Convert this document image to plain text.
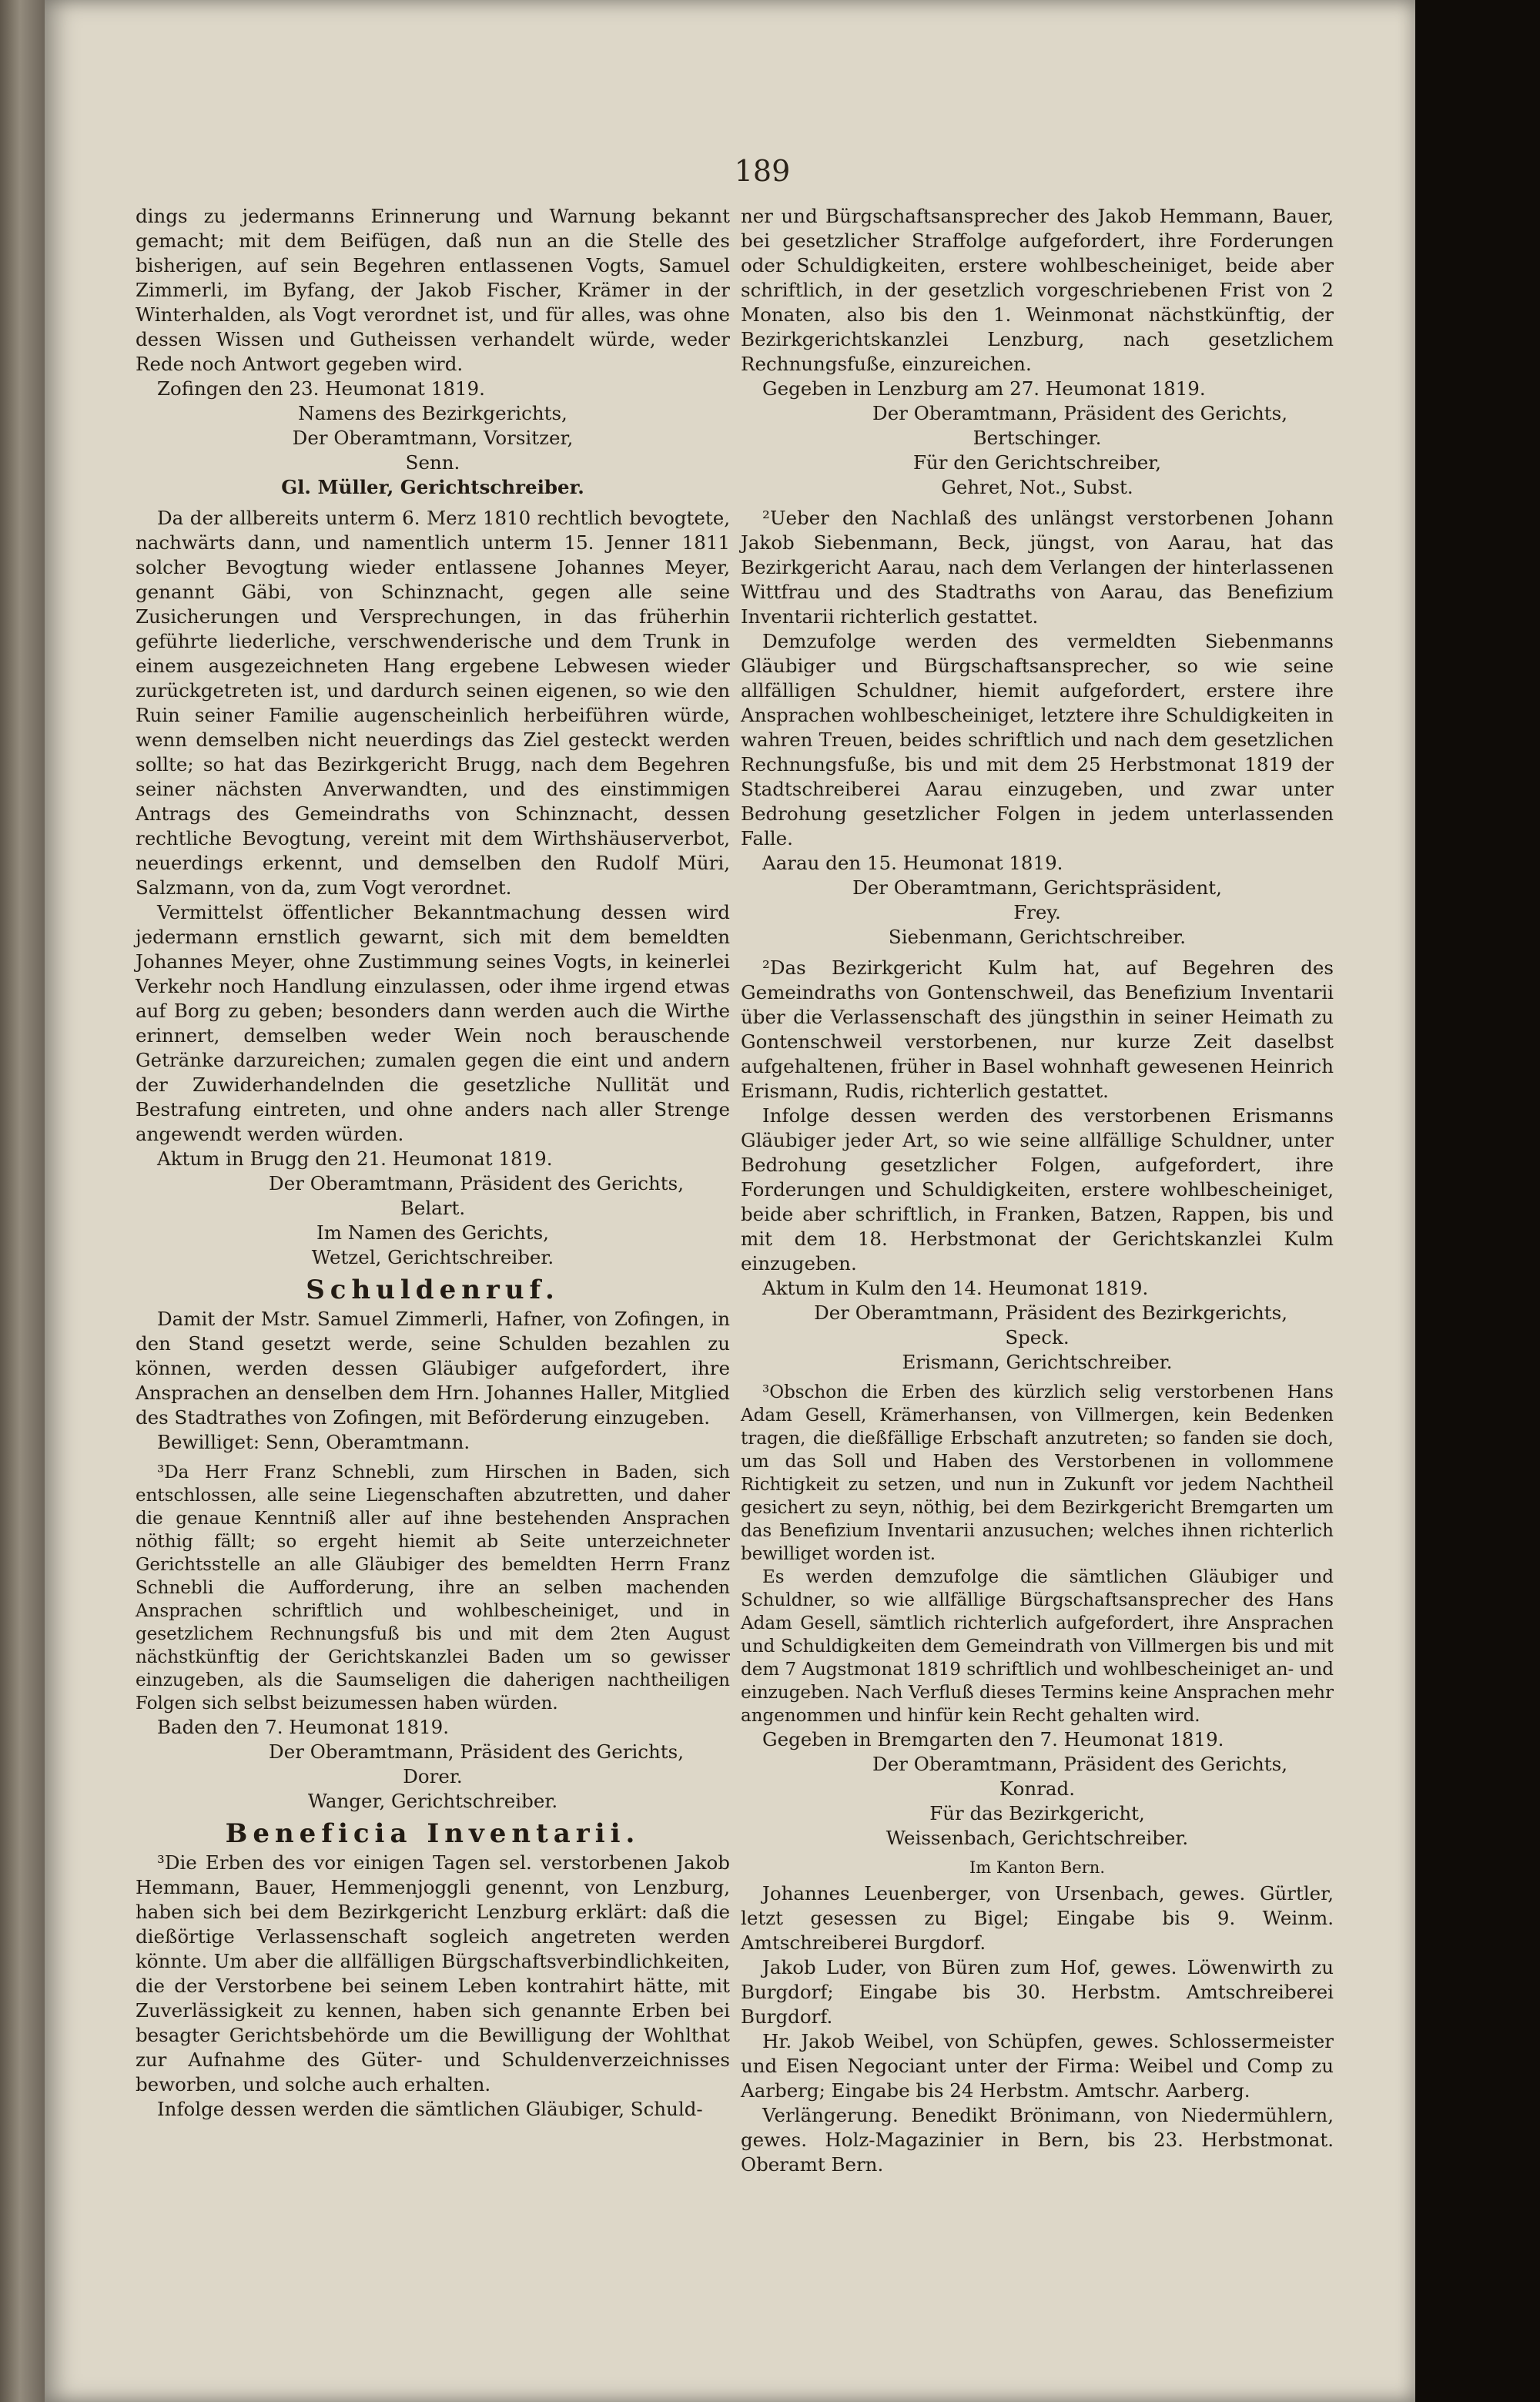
189

dings zu jedermanns Erinnerung und Warnung bekannt gemacht; mit dem Beifügen, daß nun an die Stelle des bisherigen, auf sein Begehren entlassenen Vogts, Samuel Zimmerli, im Byfang, der Jakob Fischer, Krämer in der Winterhalden, als Vogt verordnet ist, und für alles, was ohne dessen Wissen und Gutheissen verhandelt würde, weder Rede noch Antwort gegeben wird.

Zofingen den 23. Heumonat 1819.

Namens des Bezirkgerichts,

Der Oberamtmann, Vorsitzer,

Senn.

Gl. Müller, Gerichtschreiber.

Da der allbereits unterm 6. Merz 1810 rechtlich bevogtete, nachwärts dann, und namentlich unterm 15. Jenner 1811 solcher Bevogtung wieder entlassene Johannes Meyer, genannt Gäbi, von Schinznacht, gegen alle seine Zusicherungen und Versprechungen, in das früherhin geführte liederliche, verschwenderische und dem Trunk in einem ausgezeichneten Hang ergebene Lebwesen wieder zurückgetreten ist, und dardurch seinen eigenen, so wie den Ruin seiner Familie augenscheinlich herbeiführen würde, wenn demselben nicht neuerdings das Ziel gesteckt werden sollte; so hat das Bezirkgericht Brugg, nach dem Begehren seiner nächsten Anverwandten, und des einstimmigen Antrags des Gemeindraths von Schinznacht, dessen rechtliche Bevogtung, vereint mit dem Wirthshäuserverbot, neuerdings erkennt, und demselben den Rudolf Müri, Salzmann, von da, zum Vogt verordnet.

Vermittelst öffentlicher Bekanntmachung dessen wird jedermann ernstlich gewarnt, sich mit dem bemeldten Johannes Meyer, ohne Zustimmung seines Vogts, in keinerlei Verkehr noch Handlung einzulassen, oder ihme irgend etwas auf Borg zu geben; besonders dann werden auch die Wirthe erinnert, demselben weder Wein noch berauschende Getränke darzureichen; zumalen gegen die eint und andern der Zuwiderhandelnden die gesetzliche Nullität und Bestrafung eintreten, und ohne anders nach aller Strenge angewendt werden würden.

Aktum in Brugg den 21. Heumonat 1819.

Der Oberamtmann, Präsident des Gerichts,

Belart.

Im Namen des Gerichts,

Wetzel, Gerichtschreiber.

Schuldenruf.

Damit der Mstr. Samuel Zimmerli, Hafner, von Zofingen, in den Stand gesetzt werde, seine Schulden bezahlen zu können, werden dessen Gläubiger aufgefordert, ihre Ansprachen an denselben dem Hrn. Johannes Haller, Mitglied des Stadtrathes von Zofingen, mit Beförderung einzugeben.

Bewilliget: Senn, Oberamtmann.

³Da Herr Franz Schnebli, zum Hirschen in Baden, sich entschlossen, alle seine Liegenschaften abzutretten, und daher die genaue Kenntniß aller auf ihne bestehenden Ansprachen nöthig fällt; so ergeht hiemit ab Seite unterzeichneter Gerichtsstelle an alle Gläubiger des bemeldten Herrn Franz Schnebli die Aufforderung, ihre an selben machenden Ansprachen schriftlich und wohlbescheiniget, und in gesetzlichem Rechnungsfuß bis und mit dem 2ten August nächstkünftig der Gerichtskanzlei Baden um so gewisser einzugeben, als die Saumseligen die daherigen nachtheiligen Folgen sich selbst beizumessen haben würden.

Baden den 7. Heumonat 1819.

Der Oberamtmann, Präsident des Gerichts,

Dorer.

Wanger, Gerichtschreiber.

Beneficia Inventarii.

³Die Erben des vor einigen Tagen sel. verstorbenen Jakob Hemmann, Bauer, Hemmenjoggli genennt, von Lenzburg, haben sich bei dem Bezirkgericht Lenzburg erklärt: daß die dießörtige Verlassenschaft sogleich angetreten werden könnte. Um aber die allfälligen Bürgschaftsverbindlichkeiten, die der Verstorbene bei seinem Leben kontrahirt hätte, mit Zuverlässigkeit zu kennen, haben sich genannte Erben bei besagter Gerichtsbehörde um die Bewilligung der Wohlthat zur Aufnahme des Güter- und Schuldenverzeichnisses beworben, und solche auch erhalten.

Infolge dessen werden die sämtlichen Gläubiger, Schuld-

ner und Bürgschaftsansprecher des Jakob Hemmann, Bauer, bei gesetzlicher Straffolge aufgefordert, ihre Forderungen oder Schuldigkeiten, erstere wohlbescheiniget, beide aber schriftlich, in der gesetzlich vorgeschriebenen Frist von 2 Monaten, also bis den 1. Weinmonat nächstkünftig, der Bezirkgerichtskanzlei Lenzburg, nach gesetzlichem Rechnungsfuße, einzureichen.

Gegeben in Lenzburg am 27. Heumonat 1819.

Der Oberamtmann, Präsident des Gerichts,

Bertschinger.

Für den Gerichtschreiber,

Gehret, Not., Subst.

²Ueber den Nachlaß des unlängst verstorbenen Johann Jakob Siebenmann, Beck, jüngst, von Aarau, hat das Bezirkgericht Aarau, nach dem Verlangen der hinterlassenen Wittfrau und des Stadtraths von Aarau, das Benefizium Inventarii richterlich gestattet.

Demzufolge werden des vermeldten Siebenmanns Gläubiger und Bürgschaftsansprecher, so wie seine allfälligen Schuldner, hiemit aufgefordert, erstere ihre Ansprachen wohlbescheiniget, letztere ihre Schuldigkeiten in wahren Treuen, beides schriftlich und nach dem gesetzlichen Rechnungsfuße, bis und mit dem 25 Herbstmonat 1819 der Stadtschreiberei Aarau einzugeben, und zwar unter Bedrohung gesetzlicher Folgen in jedem unterlassenden Falle.

Aarau den 15. Heumonat 1819.

Der Oberamtmann, Gerichtspräsident,

Frey.

Siebenmann, Gerichtschreiber.

²Das Bezirkgericht Kulm hat, auf Begehren des Gemeindraths von Gontenschweil, das Benefizium Inventarii über die Verlassenschaft des jüngsthin in seiner Heimath zu Gontenschweil verstorbenen, nur kurze Zeit daselbst aufgehaltenen, früher in Basel wohnhaft gewesenen Heinrich Erismann, Rudis, richterlich gestattet.

Infolge dessen werden des verstorbenen Erismanns Gläubiger jeder Art, so wie seine allfällige Schuldner, unter Bedrohung gesetzlicher Folgen, aufgefordert, ihre Forderungen und Schuldigkeiten, erstere wohlbescheiniget, beide aber schriftlich, in Franken, Batzen, Rappen, bis und mit dem 18. Herbstmonat der Gerichtskanzlei Kulm einzugeben.

Aktum in Kulm den 14. Heumonat 1819.

Der Oberamtmann, Präsident des Bezirkgerichts,

Speck.

Erismann, Gerichtschreiber.

³Obschon die Erben des kürzlich selig verstorbenen Hans Adam Gesell, Krämerhansen, von Villmergen, kein Bedenken tragen, die dießfällige Erbschaft anzutreten; so fanden sie doch, um das Soll und Haben des Verstorbenen in vollommene Richtigkeit zu setzen, und nun in Zukunft vor jedem Nachtheil gesichert zu seyn, nöthig, bei dem Bezirkgericht Bremgarten um das Benefizium Inventarii anzusuchen; welches ihnen richterlich bewilliget worden ist.

Es werden demzufolge die sämtlichen Gläubiger und Schuldner, so wie allfällige Bürgschaftsansprecher des Hans Adam Gesell, sämtlich richterlich aufgefordert, ihre Ansprachen und Schuldigkeiten dem Gemeindrath von Villmergen bis und mit dem 7 Augstmonat 1819 schriftlich und wohlbescheiniget an- und einzugeben. Nach Verfluß dieses Termins keine Ansprachen mehr angenommen und hinfür kein Recht gehalten wird.

Gegeben in Bremgarten den 7. Heumonat 1819.

Der Oberamtmann, Präsident des Gerichts,

Konrad.

Für das Bezirkgericht,

Weissenbach, Gerichtschreiber.

Im Kanton Bern.

Johannes Leuenberger, von Ursenbach, gewes. Gürtler, letzt gesessen zu Bigel; Eingabe bis 9. Weinm. Amtschreiberei Burgdorf.

Jakob Luder, von Büren zum Hof, gewes. Löwenwirth zu Burgdorf; Eingabe bis 30. Herbstm. Amtschreiberei Burgdorf.

Hr. Jakob Weibel, von Schüpfen, gewes. Schlossermeister und Eisen Negociant unter der Firma: Weibel und Comp zu Aarberg; Eingabe bis 24 Herbstm. Amtschr. Aarberg.

Verlängerung. Benedikt Brönimann, von Niedermühlern, gewes. Holz-Magazinier in Bern, bis 23. Herbstmonat. Oberamt Bern.
